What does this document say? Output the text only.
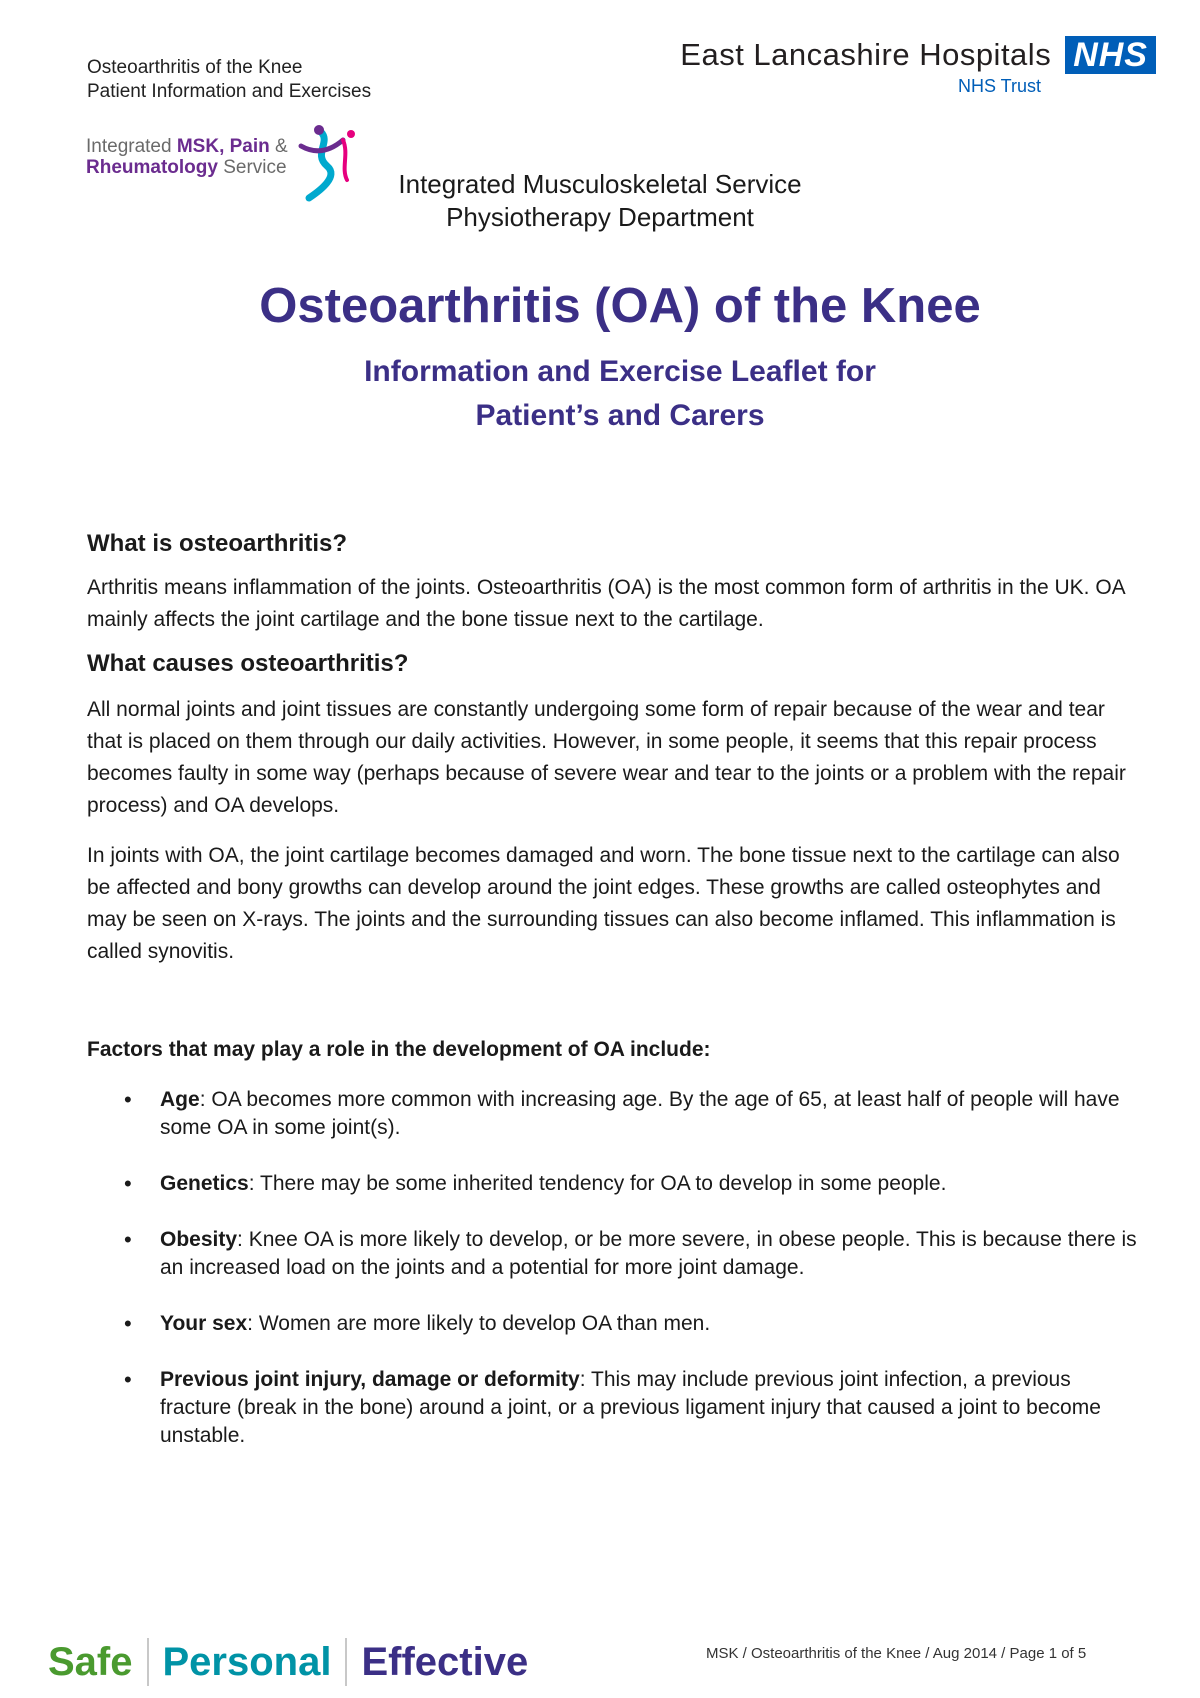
Osteoarthritis of the Knee
Patient Information and Exercises
East Lancashire Hospitals NHS
NHS Trust
Integrated MSK, Pain &
Rheumatology Service
Integrated Musculoskeletal Service
Physiotherapy Department
Osteoarthritis (OA) of the Knee
Information and Exercise Leaflet for
Patient’s and Carers
What is osteoarthritis?

Arthritis means inflammation of the joints. Osteoarthritis (OA) is the most common form of arthritis in the UK. OA mainly affects the joint cartilage and the bone tissue next to the cartilage.

What causes osteoarthritis?

All normal joints and joint tissues are constantly undergoing some form of repair because of the wear and tear that is placed on them through our daily activities. However, in some people, it seems that this repair process becomes faulty in some way (perhaps because of severe wear and tear to the joints or a problem with the repair process) and OA develops.

In joints with OA, the joint cartilage becomes damaged and worn. The bone tissue next to the cartilage can also be affected and bony growths can develop around the joint edges. These growths are called osteophytes and may be seen on X-rays. The joints and the surrounding tissues can also become inflamed. This inflammation is called synovitis.

Factors that may play a role in the development of OA include:
• Age: OA becomes more common with increasing age. By the age of 65, at least half of people will have some OA in some joint(s).
• Genetics: There may be some inherited tendency for OA to develop in some people.
• Obesity: Knee OA is more likely to develop, or be more severe, in obese people. This is because there is an increased load on the joints and a potential for more joint damage.
• Your sex: Women are more likely to develop OA than men.
• Previous joint injury, damage or deformity: This may include previous joint infection, a previous fracture (break in the bone) around a joint, or a previous ligament injury that caused a joint to become unstable.
Safe Personal Effective	MSK / Osteoarthritis of the Knee / Aug 2014 / Page 1 of 5
